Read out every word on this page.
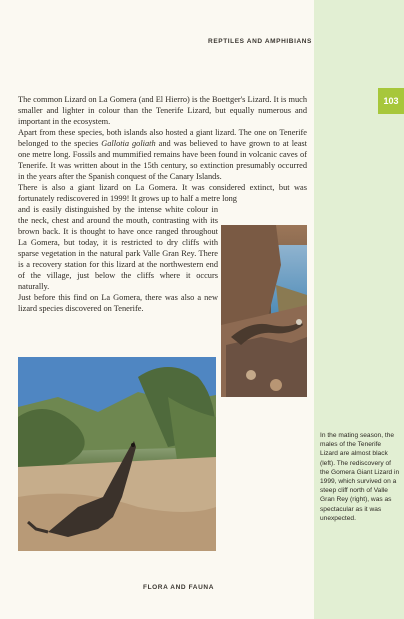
103
REPTILES AND AMPHIBIANS

The common Lizard on La Gomera (and El Hierro) is the Boettger's Lizard. It is much smaller and lighter in colour than the Tenerife Lizard, but equally numerous and important in the ecosystem.

Apart from these species, both islands also hosted a giant lizard. The one on Tenerife belonged to the species Gallotia goliath and was believed to have grown to at least one metre long. Fossils and mummified remains have been found in volcanic caves of Tenerife. It was written about in the 15th century, so extinction presumably occurred in the years after the Spanish conquest of the Canary Islands.

There is also a giant lizard on La Gomera. It was considered extinct, but was fortunately rediscovered in 1999! It grows up to half a metre long

and is easily distinguished by the intense white colour in the neck, chest and around the mouth, contrasting with its brown back. It is thought to have once ranged throughout La Gomera, but today, it is restricted to dry cliffs with sparse vegetation in the natural park Valle Gran Rey. There is a recovery station for this lizard at the northwestern end of the village, just below the cliffs where it occurs naturally.

Just before this find on La Gomera, there was also a new lizard species discovered on Tenerife.

In the mating season, the males of the Tenerife Lizard are almost black (left). The rediscovery of the Gomera Giant Lizard in 1999, which survived on a steep cliff north of Valle Gran Rey (right), was as spectacular as it was unexpected.
FLORA AND FAUNA
